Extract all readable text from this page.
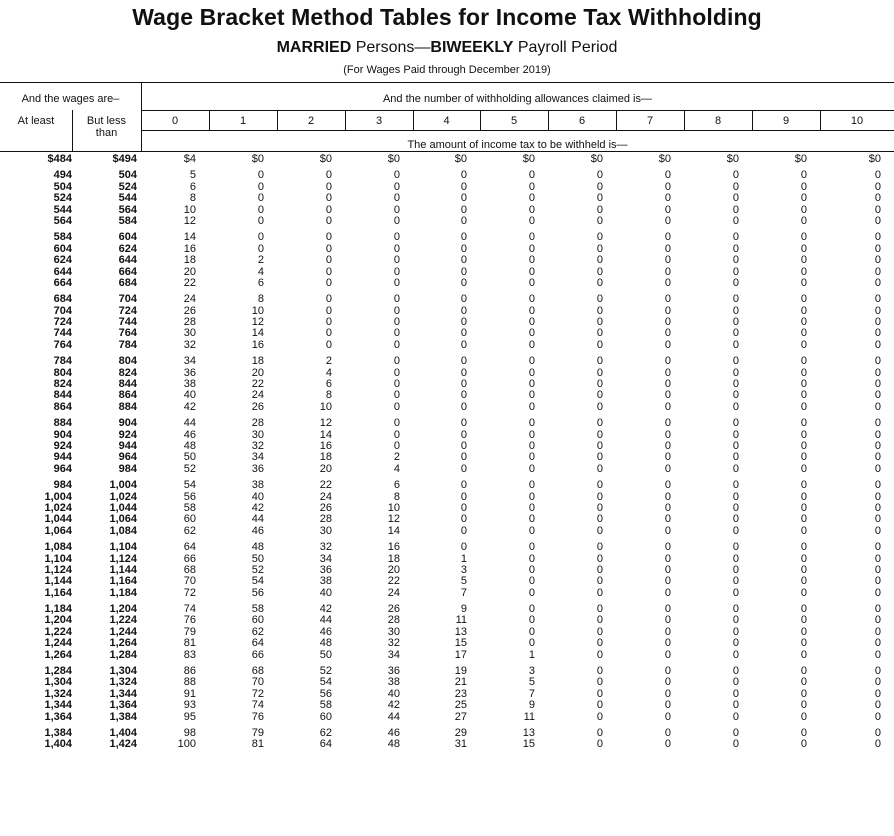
Wage Bracket Method Tables for Income Tax Withholding
MARRIED Persons—BIWEEKLY Payroll Period
(For Wages Paid through December 2019)
And the wages are–	And the number of withholding allowances claimed is—
At least	But less
than
The amount of income tax to be withheld is—
0	1	2	3	4	5	6	7	8	9	10
$484	$494	$4	$0	$0	$0	$0	$0	$0	$0	$0	$0	$0
494	504	5	0	0	0	0	0	0	0	0	0	0
504	524	6	0	0	0	0	0	0	0	0	0	0
524	544	8	0	0	0	0	0	0	0	0	0	0
544	564	10	0	0	0	0	0	0	0	0	0	0
564	584	12	0	0	0	0	0	0	0	0	0	0
584	604	14	0	0	0	0	0	0	0	0	0	0
604	624	16	0	0	0	0	0	0	0	0	0	0
624	644	18	2	0	0	0	0	0	0	0	0	0
644	664	20	4	0	0	0	0	0	0	0	0	0
664	684	22	6	0	0	0	0	0	0	0	0	0
684	704	24	8	0	0	0	0	0	0	0	0	0
704	724	26	10	0	0	0	0	0	0	0	0	0
724	744	28	12	0	0	0	0	0	0	0	0	0
744	764	30	14	0	0	0	0	0	0	0	0	0
764	784	32	16	0	0	0	0	0	0	0	0	0
784	804	34	18	2	0	0	0	0	0	0	0	0
804	824	36	20	4	0	0	0	0	0	0	0	0
824	844	38	22	6	0	0	0	0	0	0	0	0
844	864	40	24	8	0	0	0	0	0	0	0	0
864	884	42	26	10	0	0	0	0	0	0	0	0
884	904	44	28	12	0	0	0	0	0	0	0	0
904	924	46	30	14	0	0	0	0	0	0	0	0
924	944	48	32	16	0	0	0	0	0	0	0	0
944	964	50	34	18	2	0	0	0	0	0	0	0
964	984	52	36	20	4	0	0	0	0	0	0	0
984	1,004	54	38	22	6	0	0	0	0	0	0	0
1,004	1,024	56	40	24	8	0	0	0	0	0	0	0
1,024	1,044	58	42	26	10	0	0	0	0	0	0	0
1,044	1,064	60	44	28	12	0	0	0	0	0	0	0
1,064	1,084	62	46	30	14	0	0	0	0	0	0	0
1,084	1,104	64	48	32	16	0	0	0	0	0	0	0
1,104	1,124	66	50	34	18	1	0	0	0	0	0	0
1,124	1,144	68	52	36	20	3	0	0	0	0	0	0
1,144	1,164	70	54	38	22	5	0	0	0	0	0	0
1,164	1,184	72	56	40	24	7	0	0	0	0	0	0
1,184	1,204	74	58	42	26	9	0	0	0	0	0	0
1,204	1,224	76	60	44	28	11	0	0	0	0	0	0
1,224	1,244	79	62	46	30	13	0	0	0	0	0	0
1,244	1,264	81	64	48	32	15	0	0	0	0	0	0
1,264	1,284	83	66	50	34	17	1	0	0	0	0	0
1,284	1,304	86	68	52	36	19	3	0	0	0	0	0
1,304	1,324	88	70	54	38	21	5	0	0	0	0	0
1,324	1,344	91	72	56	40	23	7	0	0	0	0	0
1,344	1,364	93	74	58	42	25	9	0	0	0	0	0
1,364	1,384	95	76	60	44	27	11	0	0	0	0	0
1,384	1,404	98	79	62	46	29	13	0	0	0	0	0
1,404	1,424	100	81	64	48	31	15	0	0	0	0	0
